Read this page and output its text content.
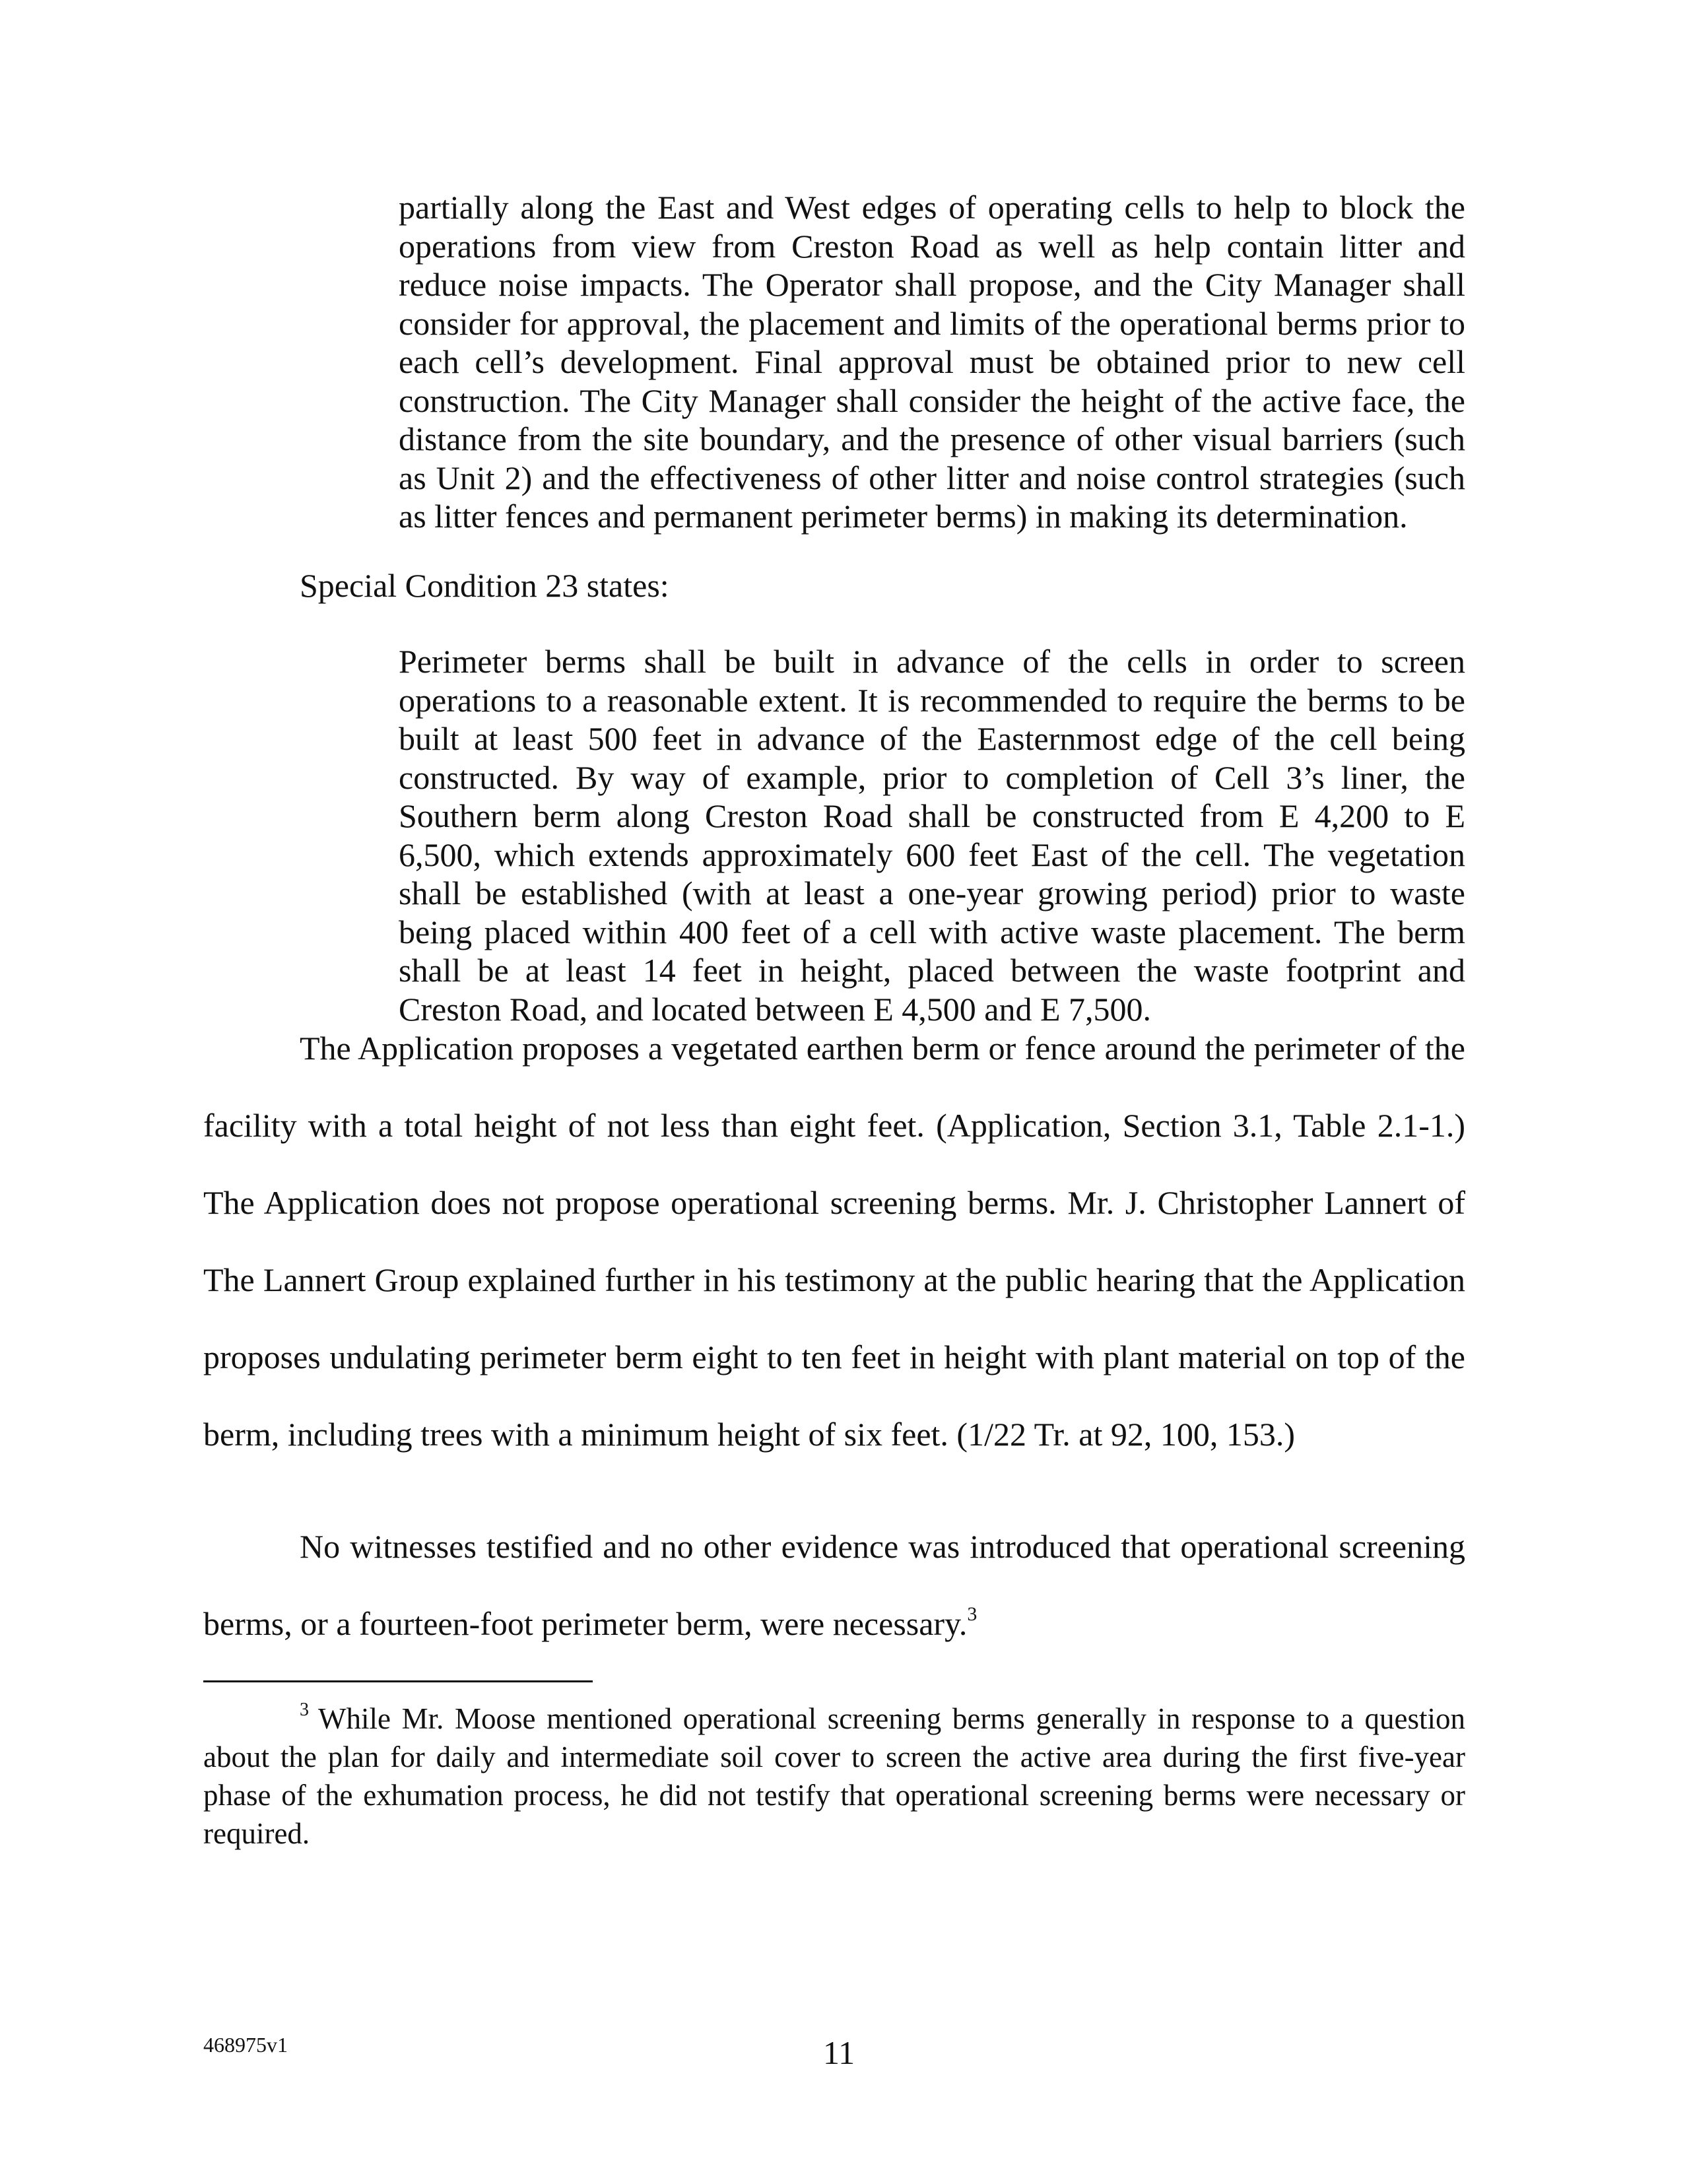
partially along the East and West edges of operating cells to help to block the operations from view from Creston Road as well as help contain litter and reduce noise impacts. The Operator shall propose, and the City Manager shall consider for approval, the placement and limits of the operational berms prior to each cell’s development. Final approval must be obtained prior to new cell construction. The City Manager shall consider the height of the active face, the distance from the site boundary, and the presence of other visual barriers (such as Unit 2) and the effectiveness of other litter and noise control strategies (such as litter fences and permanent perimeter berms) in making its determination.

Special Condition 23 states:

Perimeter berms shall be built in advance of the cells in order to screen operations to a reasonable extent. It is recommended to require the berms to be built at least 500 feet in advance of the Easternmost edge of the cell being constructed. By way of example, prior to completion of Cell 3’s liner, the Southern berm along Creston Road shall be constructed from E 4,200 to E 6,500, which extends approximately 600 feet East of the cell. The vegetation shall be established (with at least a one-year growing period) prior to waste being placed within 400 feet of a cell with active waste placement. The berm shall be at least 14 feet in height, placed between the waste footprint and Creston Road, and located between E 4,500 and E 7,500.

The Application proposes a vegetated earthen berm or fence around the perimeter of the facility with a total height of not less than eight feet. (Application, Section 3.1, Table 2.1-1.) The Application does not propose operational screening berms. Mr. J. Christopher Lannert of The Lannert Group explained further in his testimony at the public hearing that the Application proposes undulating perimeter berm eight to ten feet in height with plant material on top of the berm, including trees with a minimum height of six feet. (1/22 Tr. at 92, 100, 153.)

No witnesses testified and no other evidence was introduced that operational screening berms, or a fourteen-foot perimeter berm, were necessary.$^3$

$^3$ While Mr. Moose mentioned operational screening berms generally in response to a question about the plan for daily and intermediate soil cover to screen the active area during the first five-year phase of the exhumation process, he did not testify that operational screening berms were necessary or required.

468975v1	11
